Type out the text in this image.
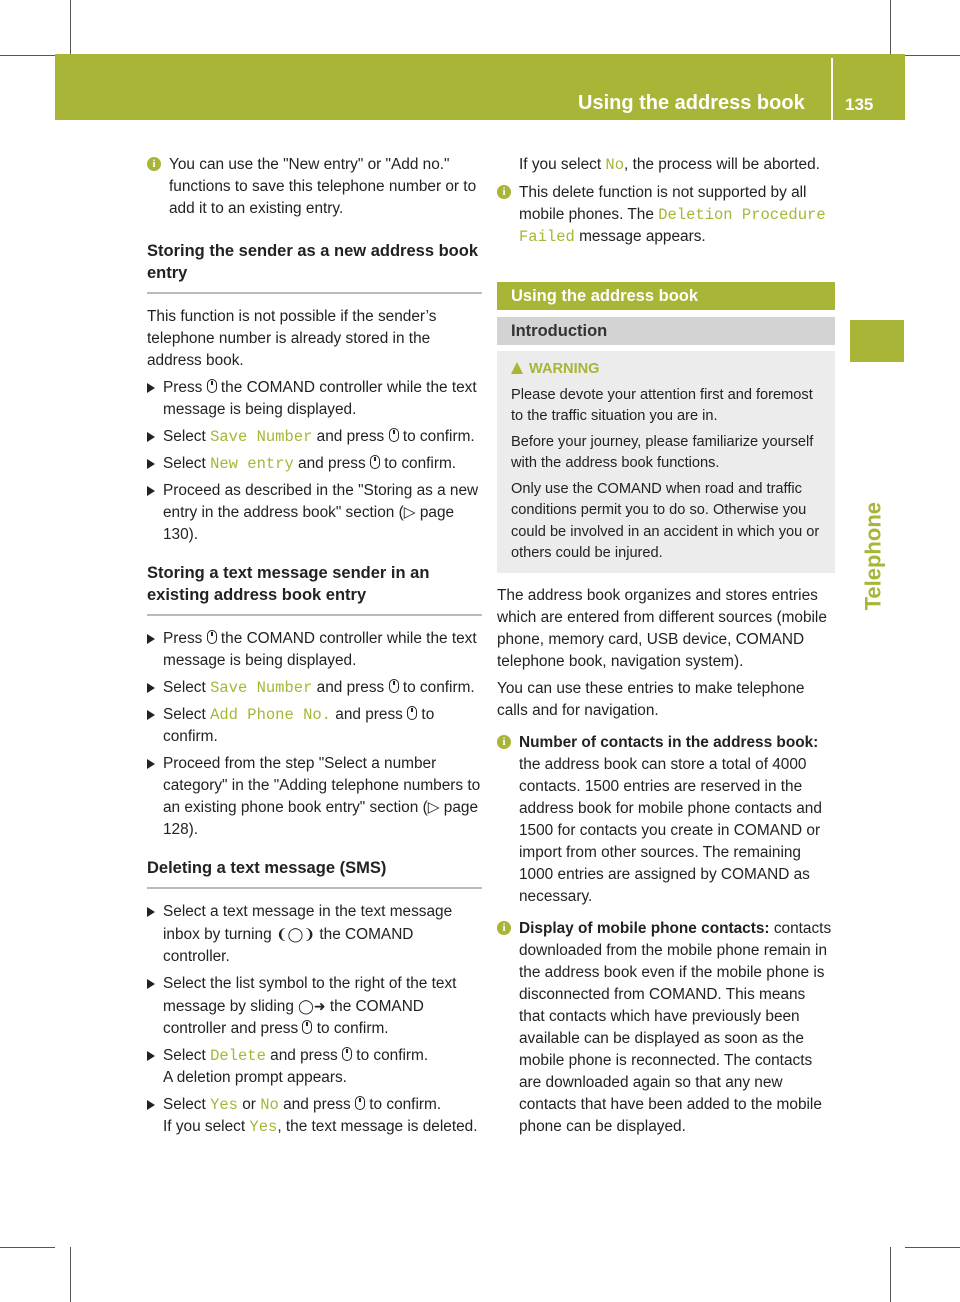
Using the address book 135
Telephone

i You can use the "New entry" or "Add no." functions to save this telephone number or to add it to an existing entry.

Storing the sender as a new address book entry

This function is not possible if the sender’s telephone number is already stored in the address book.

Press  the COMAND controller while the text message is being displayed.

Select Save Number and press  to confirm.

Select New entry and press  to confirm.

Proceed as described in the "Storing as a new entry in the address book" section (▷ page 130).

Storing a text message sender in an existing address book entry

Press  the COMAND controller while the text message is being displayed.

Select Save Number and press  to confirm.

Select Add Phone No. and press  to confirm.

Proceed from the step "Select a number category" in the "Adding telephone numbers to an existing phone book entry" section (▷ page 128).

Deleting a text message (SMS)

Select a text message in the text message inbox by turning ❨◯❩ the COMAND controller.

Select the list symbol to the right of the text message by sliding ◯➜ the COMAND controller and press  to confirm.

Select Delete and press  to confirm.
A deletion prompt appears.

Select Yes or No and press  to confirm.
If you select Yes, the text message is deleted.

If you select No, the process will be aborted.

i This delete function is not supported by all mobile phones. The Deletion Procedure Failed message appears.

Using the address book
Introduction

WARNING

Please devote your attention first and foremost to the traffic situation you are in.

Before your journey, please familiarize yourself with the address book functions.

Only use the COMAND when road and traffic conditions permit you to do so. Otherwise you could be involved in an accident in which you or others could be injured.

The address book organizes and stores entries which are entered from different sources (mobile phone, memory card, USB device, COMAND telephone book, navigation system).

You can use these entries to make telephone calls and for navigation.

i Number of contacts in the address book: the address book can store a total of 4000 contacts. 1500 entries are reserved in the address book for mobile phone contacts and 1500 for contacts you create in COMAND or import from other sources. The remaining 1000 entries are assigned by COMAND as necessary.

i Display of mobile phone contacts: contacts downloaded from the mobile phone remain in the address book even if the mobile phone is disconnected from COMAND. This means that contacts which have previously been available can be displayed as soon as the mobile phone is reconnected. The contacts are downloaded again so that any new contacts that have been added to the mobile phone can be displayed.
